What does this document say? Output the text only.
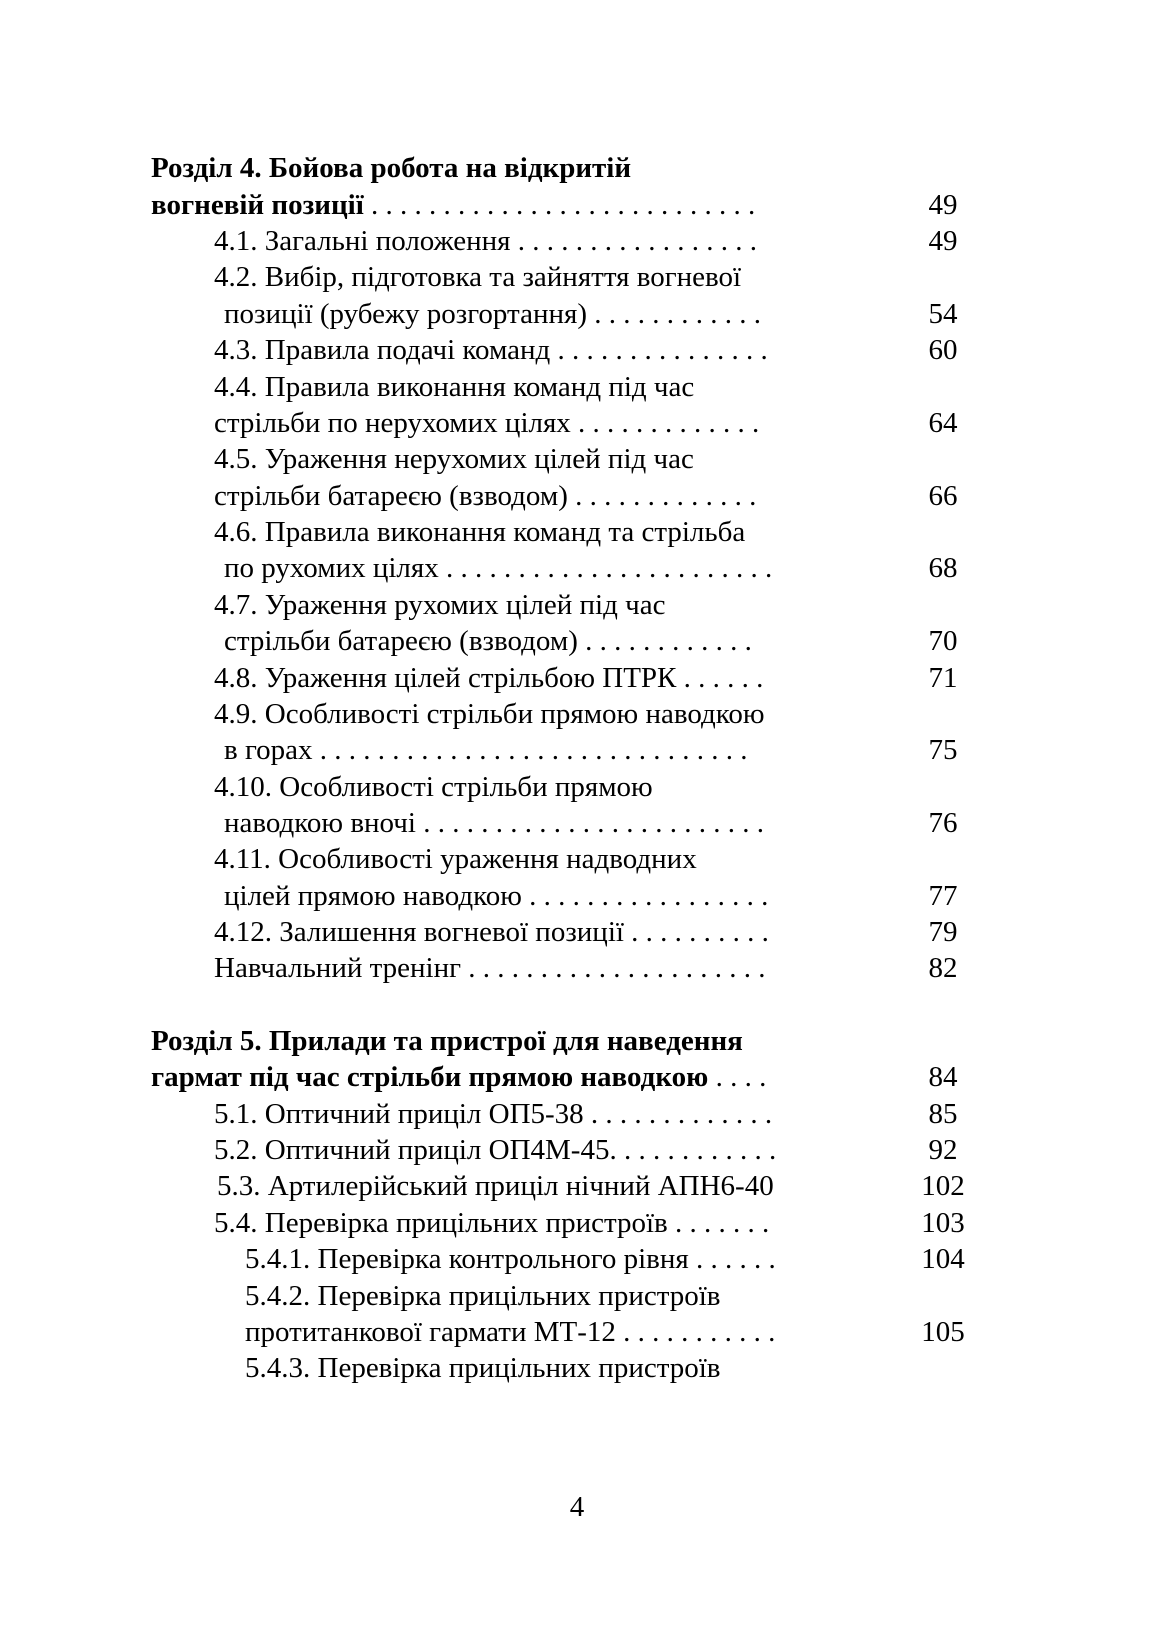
Розділ 4. Бойова робота на відкритій
вогневій позиції . . . . . . . . . . . . . . . . . . . . . . . . . . .	49
4.1. Загальні положення . . . . . . . . . . . . . . . . .	49
4.2. Вибір, підготовка та зайняття вогневої
позиції (рубежу розгортання) . . . . . . . . . . . .	54
4.3. Правила подачі команд . . . . . . . . . . . . . . .	60
4.4. Правила виконання команд під час
стрільби по нерухомих цілях . . . . . . . . . . . . .	64
4.5. Ураження нерухомих цілей під час
стрільби батареєю (взводом) . . . . . . . . . . . . .	66
4.6. Правила виконання команд та стрільба
по рухомих цілях . . . . . . . . . . . . . . . . . . . . . . .	68
4.7. Ураження рухомих цілей під час
стрільби батареєю (взводом) . . . . . . . . . . . .	70
4.8. Ураження цілей стрільбою ПТРК . . . . . .	71
4.9. Особливості стрільби прямою наводкою
в горах . . . . . . . . . . . . . . . . . . . . . . . . . . . . . .	75
4.10. Особливості стрільби прямою
наводкою вночі . . . . . . . . . . . . . . . . . . . . . . . .	76
4.11. Особливості ураження надводних
цілей прямою наводкою . . . . . . . . . . . . . . . . .	77
4.12. Залишення вогневої позиції . . . . . . . . . .	79
Навчальний тренінг . . . . . . . . . . . . . . . . . . . . .	82
Розділ 5. Прилади та пристрої для наведення
гармат під час стрільби прямою наводкою . . . .	84
5.1. Оптичний приціл ОП5-38 . . . . . . . . . . . . .	85
5.2. Оптичний приціл ОП4М-45. . . . . . . . . . . .	92
5.3. Артилерійський приціл нічний АПН6-40	102
5.4. Перевірка прицільних пристроїв . . . . . . .	103
5.4.1. Перевірка контрольного рівня . . . . . .	104
5.4.2. Перевірка прицільних пристроїв
протитанкової гармати МТ-12 . . . . . . . . . . .	105
5.4.3. Перевірка прицільних пристроїв
4
